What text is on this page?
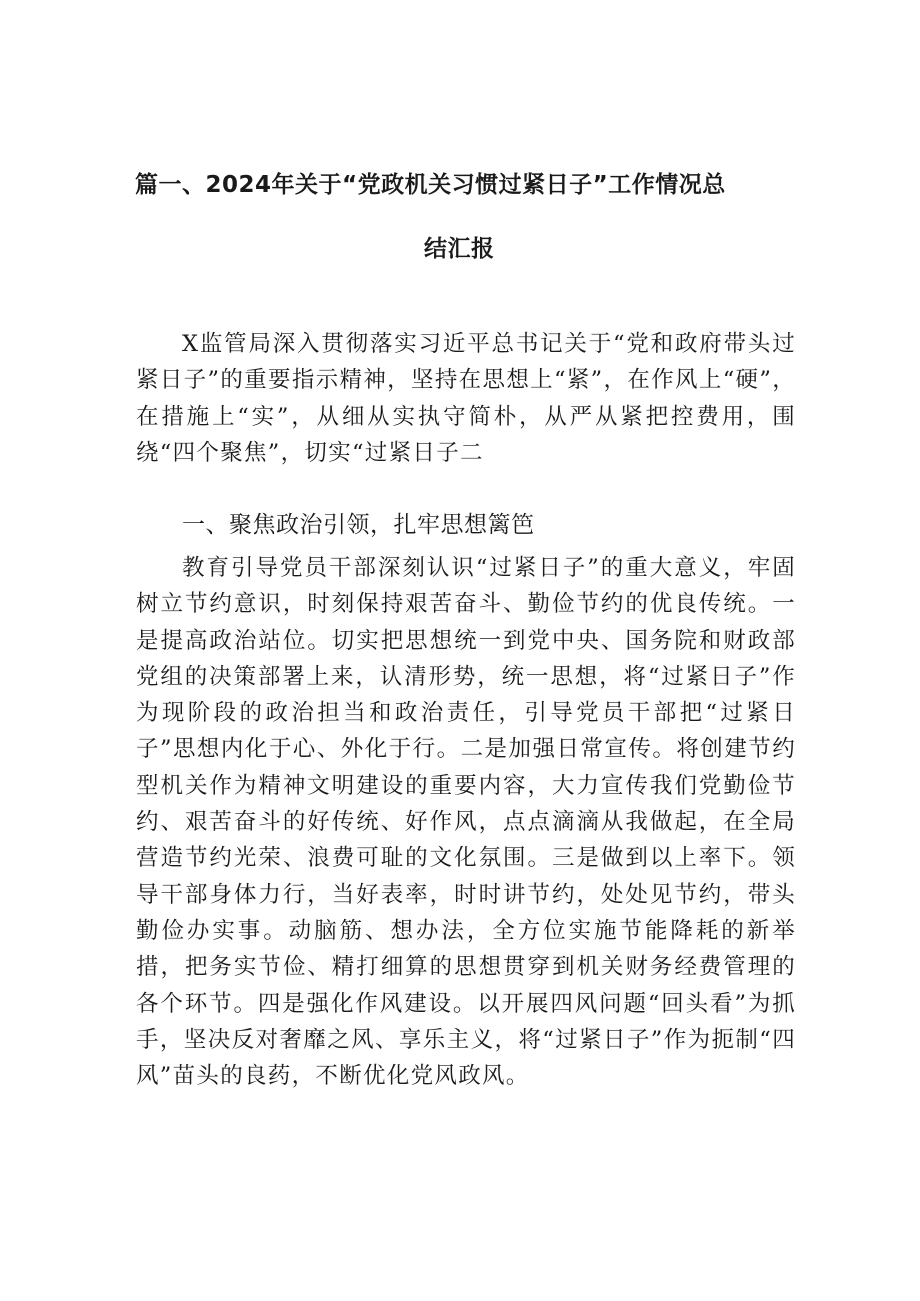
篇一、2024年关于“党政机关习惯过紧日子”工作情况总
结汇报

X监管局深入贯彻落实习近平总书记关于“党和政府带头过紧日子”的重要指示精神，坚持在思想上“紧”，在作风上“硬”，在措施上“实”，从细从实执守简朴，从严从紧把控费用，围绕“四个聚焦”，切实“过紧日子二

一、聚焦政治引领，扎牢思想篱笆

教育引导党员干部深刻认识“过紧日子”的重大意义，牢固树立节约意识，时刻保持艰苦奋斗、勤俭节约的优良传统。一是提高政治站位。切实把思想统一到党中央、国务院和财政部党组的决策部署上来，认清形势，统一思想，将“过紧日子”作为现阶段的政治担当和政治责任，引导党员干部把“过紧日子”思想内化于心、外化于行。二是加强日常宣传。将创建节约型机关作为精神文明建设的重要内容，大力宣传我们党勤俭节约、艰苦奋斗的好传统、好作风，点点滴滴从我做起，在全局营造节约光荣、浪费可耻的文化氛围。三是做到以上率下。领导干部身体力行，当好表率，时时讲节约，处处见节约，带头勤俭办实事。动脑筋、想办法，全方位实施节能降耗的新举措，把务实节俭、精打细算的思想贯穿到机关财务经费管理的各个环节。四是强化作风建设。以开展四风问题“回头看”为抓手，坚决反对奢靡之风、享乐主义，将“过紧日子”作为扼制“四风”苗头的良药，不断优化党风政风。
